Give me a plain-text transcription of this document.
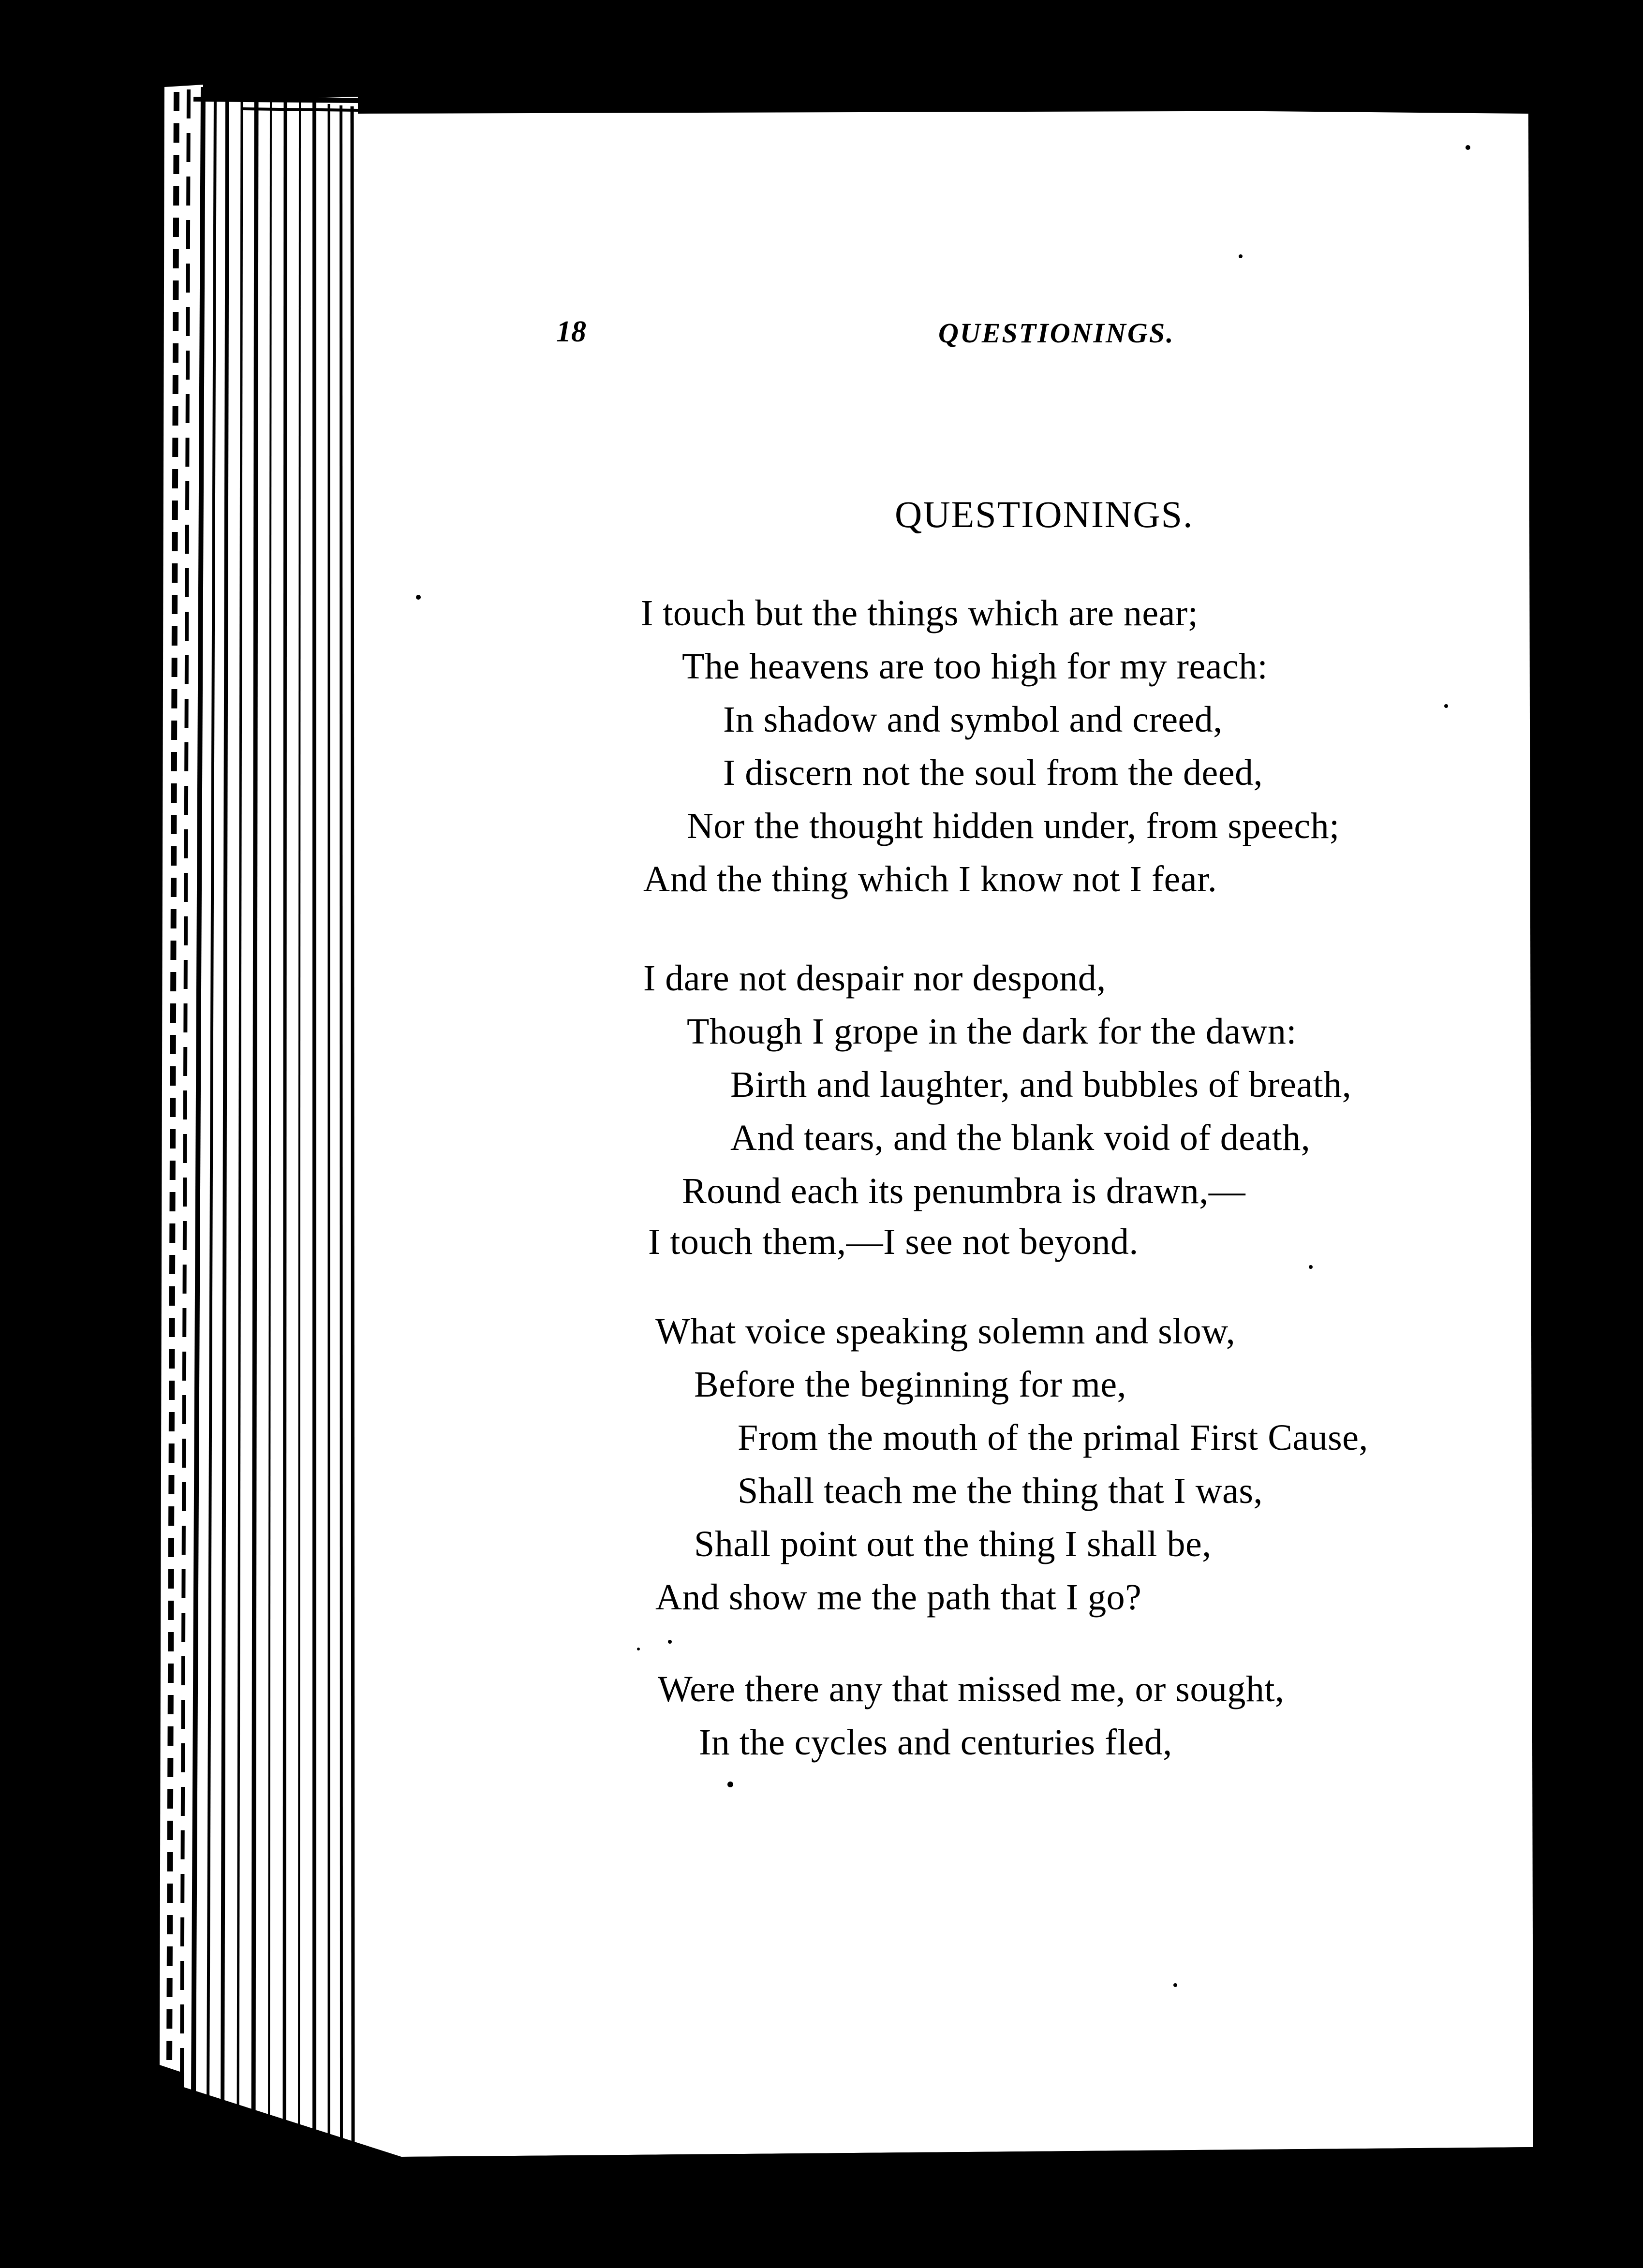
18	QUESTIONINGS.
QUESTIONINGS.
I touch but the things which are near;
The heavens are too high for my reach:
In shadow and symbol and creed,
I discern not the soul from the deed,
Nor the thought hidden under, from speech;
And the thing which I know not I fear.
I dare not despair nor despond,
Though I grope in the dark for the dawn:
Birth and laughter, and bubbles of breath,
And tears, and the blank void of death,
Round each its penumbra is drawn,—
I touch them,—I see not beyond.
What voice speaking solemn and slow,
Before the beginning for me,
From the mouth of the primal First Cause,
Shall teach me the thing that I was,
Shall point out the thing I shall be,
And show me the path that I go?
Were there any that missed me, or sought,
In the cycles and centuries fled,
S
